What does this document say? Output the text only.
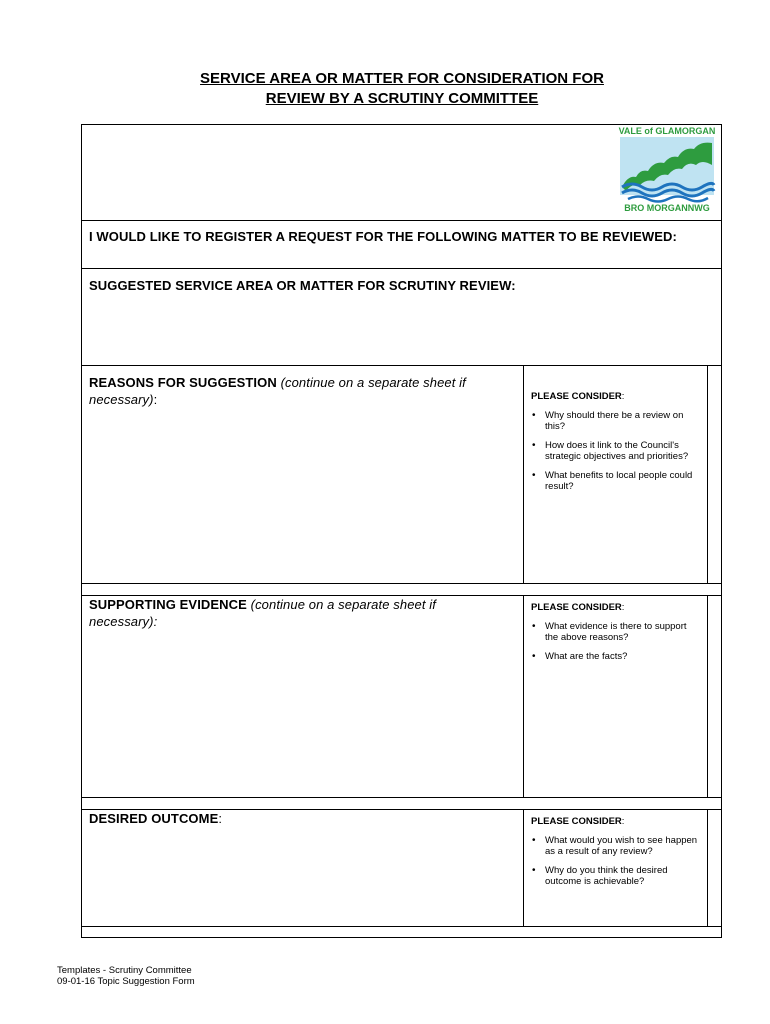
SERVICE AREA OR MATTER FOR CONSIDERATION FOR
REVIEW BY A SCRUTINY COMMITTEE
VALE of GLAMORGAN
BRO MORGANNWG
I WOULD LIKE TO REGISTER A REQUEST FOR THE FOLLOWING MATTER TO BE REVIEWED:
SUGGESTED SERVICE AREA OR MATTER FOR SCRUTINY REVIEW:
REASONS FOR SUGGESTION (continue on a separate sheet if necessary):	PLEASE CONSIDER:
• Why should there be a review on this?
• How does it link to the Council's strategic objectives and priorities?
• What benefits to local people could result?
SUPPORTING EVIDENCE (continue on a separate sheet if necessary):
PLEASE CONSIDER:
• What evidence is there to support the above reasons?
• What are the facts?
DESIRED OUTCOME:	PLEASE CONSIDER:
• What would you wish to see happen as a result of any review?
• Why do you think the desired outcome is achievable?
Templates - Scrutiny Committee
09-01-16 Topic Suggestion Form
